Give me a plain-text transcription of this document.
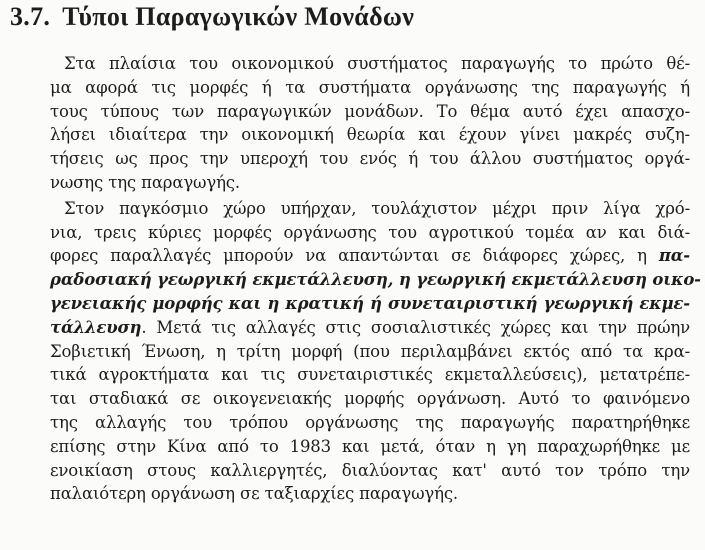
3.7. Τύποι Παραγωγικών Μονάδων
Στα πλαίσια του οικονομικού συστήματος παραγωγής το πρώτο θέ-
μα αφορά τις μορφές ή τα συστήματα οργάνωσης της παραγωγής ή
τους τύπους των παραγωγικών μονάδων. Το θέμα αυτό έχει απασχο-
λήσει ιδιαίτερα την οικονομική θεωρία και έχουν γίνει μακρές συζη-
τήσεις ως προς την υπεροχή του ενός ή του άλλου συστήματος οργά-
νωσης της παραγωγής.
Στον παγκόσμιο χώρο υπήρχαν, τουλάχιστον μέχρι πριν λίγα χρό-
νια, τρεις κύριες μορφές οργάνωσης του αγροτικού τομέα αν και διά-
φορες παραλλαγές μπορούν να απαντώνται σε διάφορες χώρες, η πα-
ραδοσιακή γεωργική εκμετάλλευση, η γεωργική εκμετάλλευση οικο-
γενειακής μορφής και η κρατική ή συνεταιριστική γεωργική εκμε-
τάλλευση. Μετά τις αλλαγές στις σοσιαλιστικές χώρες και την πρώην
Σοβιετική Ένωση, η τρίτη μορφή (που περιλαμβάνει εκτός από τα κρα-
τικά αγροκτήματα και τις συνεταιριστικές εκμεταλλεύσεις), μετατρέπε-
ται σταδιακά σε οικογενειακής μορφής οργάνωση. Αυτό το φαινόμενο
της αλλαγής του τρόπου οργάνωσης της παραγωγής παρατηρήθηκε
επίσης στην Κίνα από το 1983 και μετά, όταν η γη παραχωρήθηκε με
ενοικίαση στους καλλιεργητές, διαλύοντας κατ' αυτό τον τρόπο την
παλαιότερη οργάνωση σε ταξιαρχίες παραγωγής.
